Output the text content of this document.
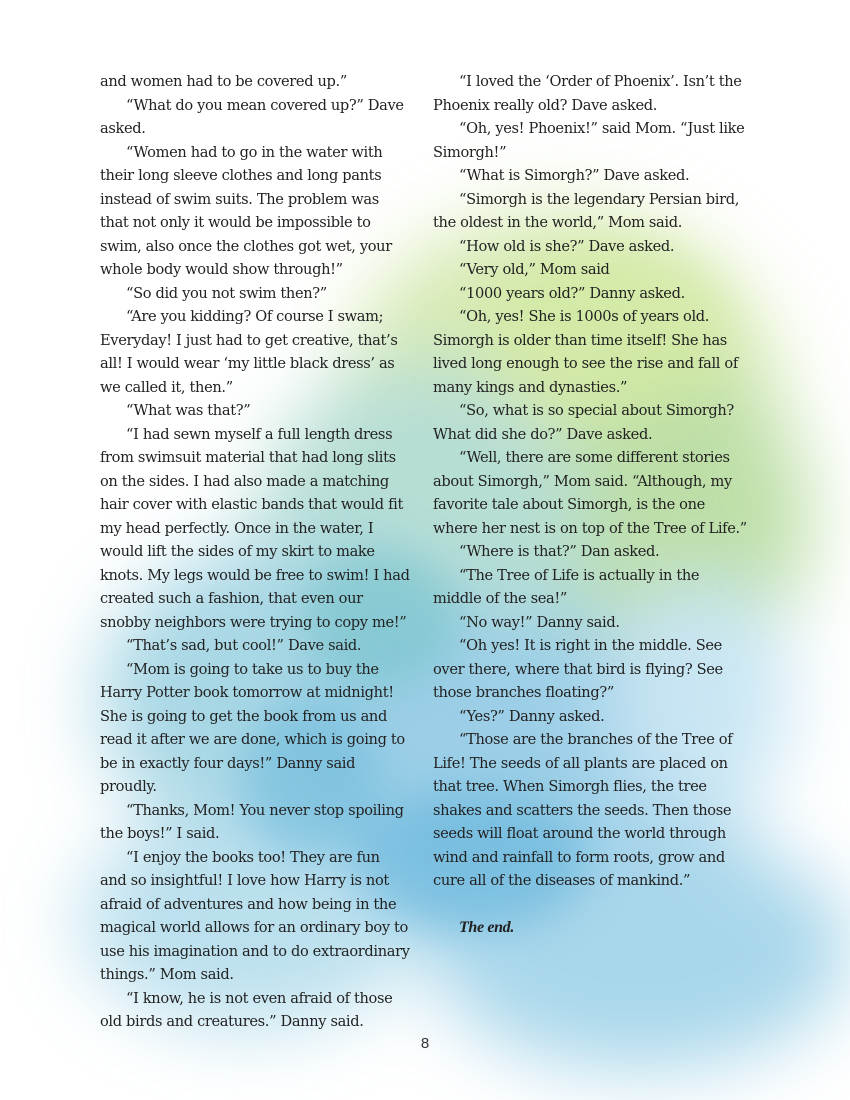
and women had to be covered up.”

“What do you mean covered up?” Dave asked.

“Women had to go in the water with their long sleeve clothes and long pants instead of swim suits. The problem was that not only it would be impossible to swim, also once the clothes got wet, your whole body would show through!”

“So did you not swim then?”

“Are you kidding? Of course I swam; Everyday! I just had to get creative, that’s all! I would wear ‘my little black dress’ as we called it, then.”

“What was that?”

“I had sewn myself a full length dress from swimsuit material that had long slits on the sides. I had also made a matching hair cover with elastic bands that would fit my head perfectly. Once in the water, I would lift the sides of my skirt to make knots. My legs would be free to swim! I had created such a fashion, that even our snobby neighbors were trying to copy me!”

“That’s sad, but cool!” Dave said.

“Mom is going to take us to buy the Harry Potter book tomorrow at midnight! She is going to get the book from us and read it after we are done, which is going to be in exactly four days!” Danny said proudly.

“Thanks, Mom! You never stop spoiling the boys!” I said.

“I enjoy the books too! They are fun and so insightful! I love how Harry is not afraid of adventures and how being in the magical world allows for an ordinary boy to use his imagination and to do extraordinary things.” Mom said.

“I know, he is not even afraid of those old birds and creatures.” Danny said.

“I loved the ‘Order of Phoenix’. Isn’t the Phoenix really old? Dave asked.

“Oh, yes! Phoenix!” said Mom. “Just like Simorgh!”

“What is Simorgh?” Dave asked.

“Simorgh is the legendary Persian bird, the oldest in the world,” Mom said.

“How old is she?” Dave asked.

“Very old,” Mom said

“1000 years old?” Danny asked.

“Oh, yes! She is 1000s of years old. Simorgh is older than time itself! She has lived long enough to see the rise and fall of many kings and dynasties.”

“So, what is so special about Simorgh? What did she do?” Dave asked.

“Well, there are some different stories about Simorgh,” Mom said. “Although, my favorite tale about Simorgh, is the one where her nest is on top of the Tree of Life.”

“Where is that?” Dan asked.

“The Tree of Life is actually in the middle of the sea!”

“No way!” Danny said.

“Oh yes! It is right in the middle. See over there, where that bird is flying? See those branches floating?”

“Yes?” Danny asked.

“Those are the branches of the Tree of Life! The seeds of all plants are placed on that tree. When Simorgh flies, the tree shakes and scatters the seeds. Then those seeds will float around the world through wind and rainfall to form roots, grow and cure all of the diseases of mankind.”

The end.

8
